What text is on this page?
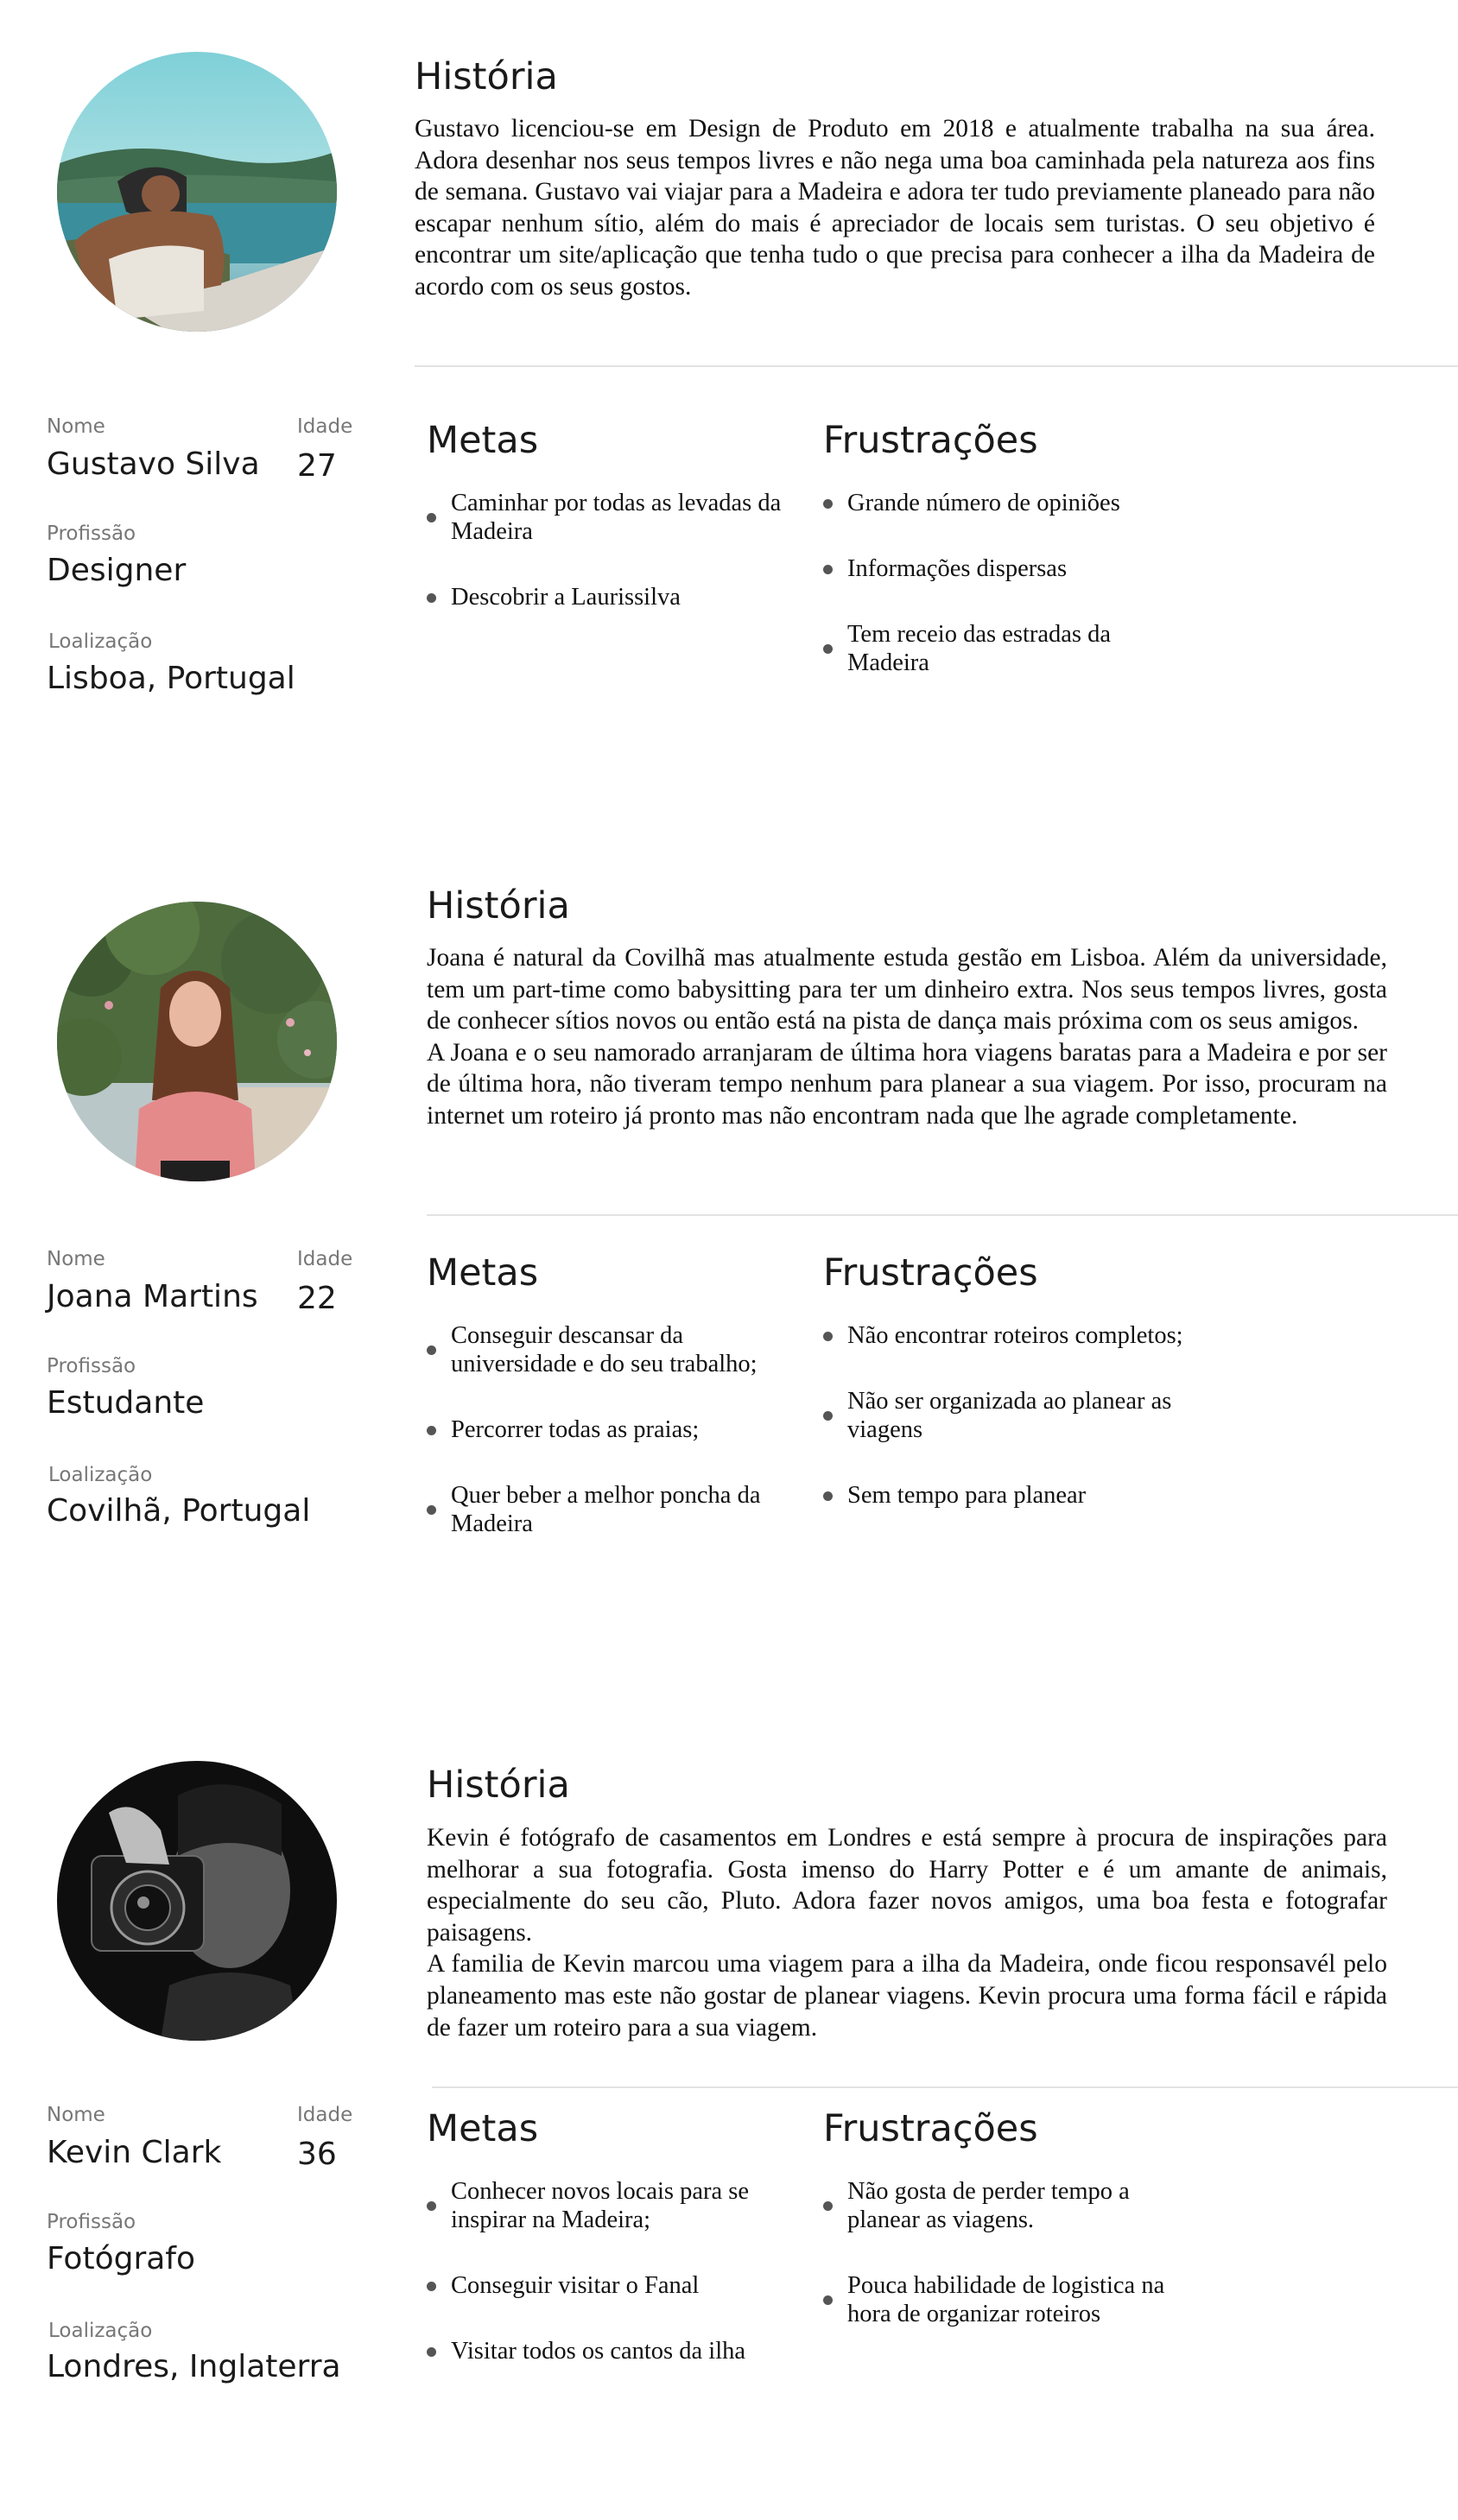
História

Gustavo licenciou-se em Design de Produto em 2018 e atualmente trabalha na sua área. Adora desenhar nos seus tempos livres e não nega uma boa caminhada pela natureza aos fins de semana. Gustavo vai viajar para a Madeira e adora ter tudo previamente planeado para não escapar nenhum sítio, além do mais é apreciador de locais sem turistas. O seu objetivo é encontrar um site/aplicação que tenha tudo o que precisa para conhecer a ilha da Madeira de acordo com os seus gostos.

Nome
Gustavo Silva
Idade
27
Profissão
Designer
Loalização
Lisboa, Portugal
Metas
Caminhar por todas as levadas da Madeira
Descobrir a Laurissilva
Frustrações
Grande número de opiniões
Informações dispersas
Tem receio das estradas da Madeira
História

Joana é natural da Covilhã mas atualmente estuda gestão em Lisboa. Além da universidade, tem um part-time como babysitting para ter um dinheiro extra. Nos seus tempos livres, gosta de conhecer sítios novos ou então está na pista de dança mais próxima com os seus amigos.

A Joana e o seu namorado arranjaram de última hora viagens baratas para a Madeira e por ser de última hora, não tiveram tempo nenhum para planear a sua viagem. Por isso, procuram na internet um roteiro já pronto mas não encontram nada que lhe agrade completamente.

Nome
Joana Martins
Idade
22
Profissão
Estudante
Loalização
Covilhã, Portugal
Metas
Conseguir descansar da universidade e do seu trabalho;
Percorrer todas as praias;
Quer beber a melhor poncha da Madeira
Frustrações
Não encontrar roteiros completos;
Não ser organizada ao planear as viagens
Sem tempo para planear
História

Kevin é fotógrafo de casamentos em Londres e está sempre à procura de inspirações para melhorar a sua fotografia. Gosta imenso do Harry Potter e é um amante de animais, especialmente do seu cão, Pluto. Adora fazer novos amigos, uma boa festa e fotografar paisagens.

A familia de Kevin marcou uma viagem para a ilha da Madeira, onde ficou responsavél pelo planeamento mas este não gostar de planear viagens. Kevin procura uma forma fácil e rápida de fazer um roteiro para a sua viagem.

Nome
Kevin Clark
Idade
36
Profissão
Fotógrafo
Loalização
Londres, Inglaterra
Metas
Conhecer novos locais para se inspirar na Madeira;
Conseguir visitar o Fanal
Visitar todos os cantos da ilha
Frustrações
Não gosta de perder tempo a planear as viagens.
Pouca habilidade de logistica na hora de organizar roteiros
